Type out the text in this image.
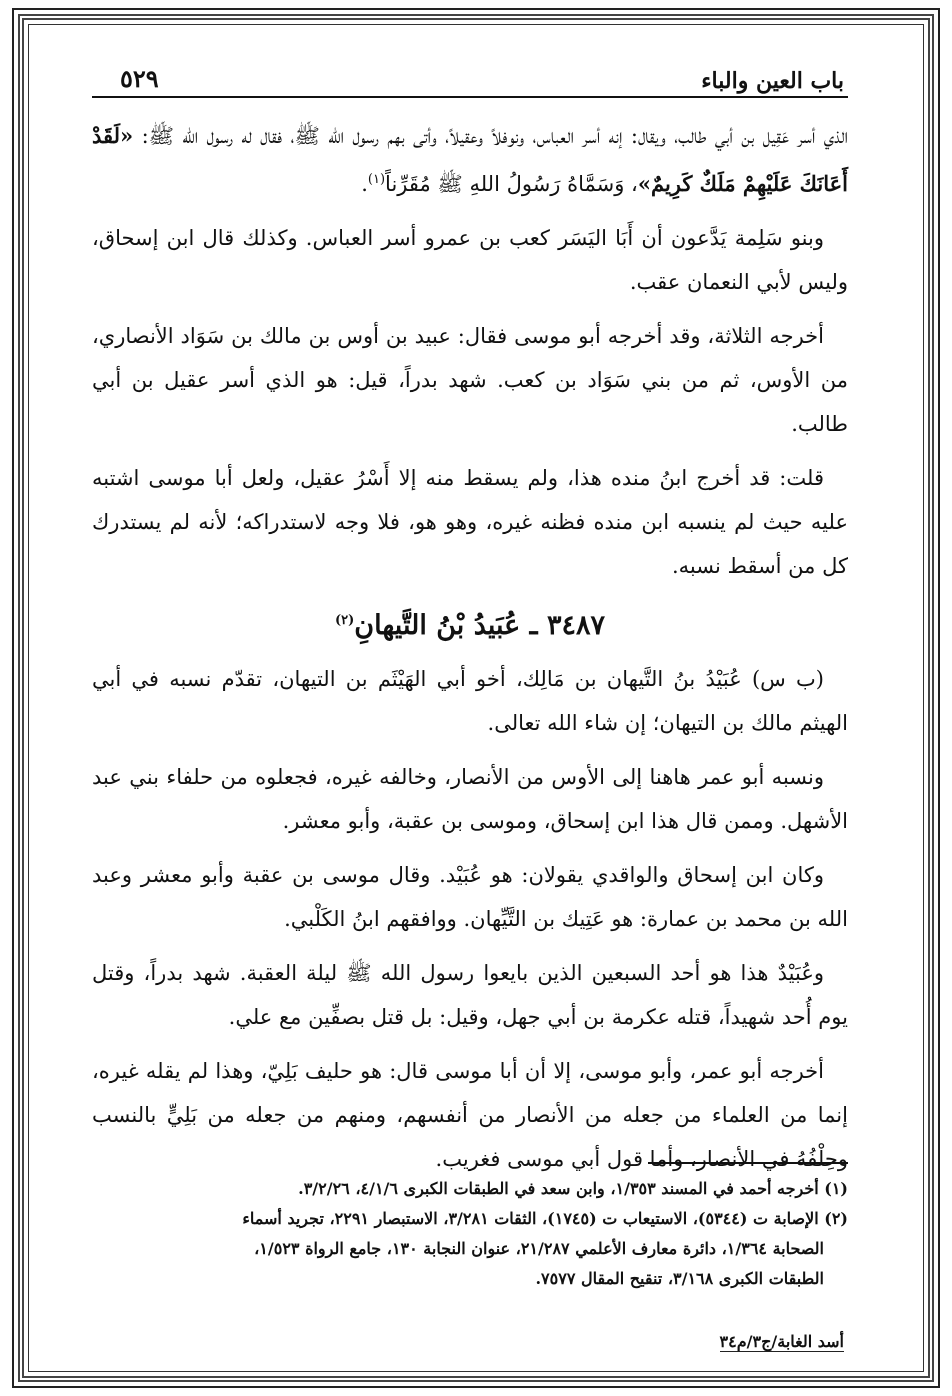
باب العين والباء
٥٢٩

الذي أسر عَقِيل بن أبي طالب، ويقال: إنه أسر العباس، ونوفلاً وعقيلاً، وأتى بهم رسول الله ﷺ، فقال له رسول الله ﷺ: «لَقَدْ أَعَانَكَ عَلَيْهِمْ مَلَكٌ كَرِيمٌ»، وَسَمَّاهُ رَسُولُ اللهِ ﷺ مُقَرِّناً$^{(١)}$.

وبنو سَلِمة يَدَّعون أن أَبَا اليَسَر كعب بن عمرو أسر العباس. وكذلك قال ابن إسحاق، وليس لأبي النعمان عقب.

أخرجه الثلاثة، وقد أخرجه أبو موسى فقال: عبيد بن أوس بن مالك بن سَوَاد الأنصاري، من الأوس، ثم من بني سَوَاد بن كعب. شهد بدراً، قيل: هو الذي أسر عقيل بن أبي طالب.

قلت: قد أخرج ابنُ منده هذا، ولم يسقط منه إلا أَسْرُ عقيل، ولعل أبا موسى اشتبه عليه حيث لم ينسبه ابن منده فظنه غيره، وهو هو، فلا وجه لاستدراكه؛ لأنه لم يستدرك كل من أسقط نسبه.

٣٤٨٧ ـ عُبَيدُ بْنُ التَّيهانِ$^{(٢)}$

(ب س) عُبَيْدُ بنُ التَّيهان بن مَالِك، أخو أبي الهَيْثَم بن التيهان، تقدّم نسبه في أبي الهيثم مالك بن التيهان؛ إن شاء الله تعالى.

ونسبه أبو عمر هاهنا إلى الأوس من الأنصار، وخالفه غيره، فجعلوه من حلفاء بني عبد الأشهل. وممن قال هذا ابن إسحاق، وموسى بن عقبة، وأبو معشر.

وكان ابن إسحاق والواقدي يقولان: هو عُبَيْد. وقال موسى بن عقبة وأبو معشر وعبد الله بن محمد بن عمارة: هو عَتِيك بن التَّيِّهان. ووافقهم ابنُ الكَلْبي.

وعُبَيْدٌ هذا هو أحد السبعين الذين بايعوا رسول الله ﷺ ليلة العقبة. شهد بدراً، وقتل يوم أُحد شهيداً، قتله عكرمة بن أبي جهل، وقيل: بل قتل بصفِّين مع علي.

أخرجه أبو عمر، وأبو موسى، إلا أن أبا موسى قال: هو حليف بَلِيّ، وهذا لم يقله غيره، إنما من العلماء من جعله من الأنصار من أنفسهم، ومنهم من جعله من بَلِيٍّ بالنسب وحِلْفُهُ في الأنصار، وأما قول أبي موسى فغريب.

(١) أخرجه أحمد في المسند ١/٣٥٣، وابن سعد في الطبقات الكبرى ٤/١/٦، ٣/٢/٢٦.

(٢) الإصابة ت (٥٣٤٤)، الاستيعاب ت (١٧٤٥)، الثقات ٣/٢٨١، الاستبصار ٢٢٩١، تجريد أسماء

الصحابة ١/٣٦٤، دائرة معارف الأعلمي ٢١/٢٨٧، عنوان النجابة ١٣٠، جامع الرواة ١/٥٢٣،

الطبقات الكبرى ٣/١٦٨، تنقيح المقال ٧٥٧٧.

أسد الغابة/ج٣/م٣٤
